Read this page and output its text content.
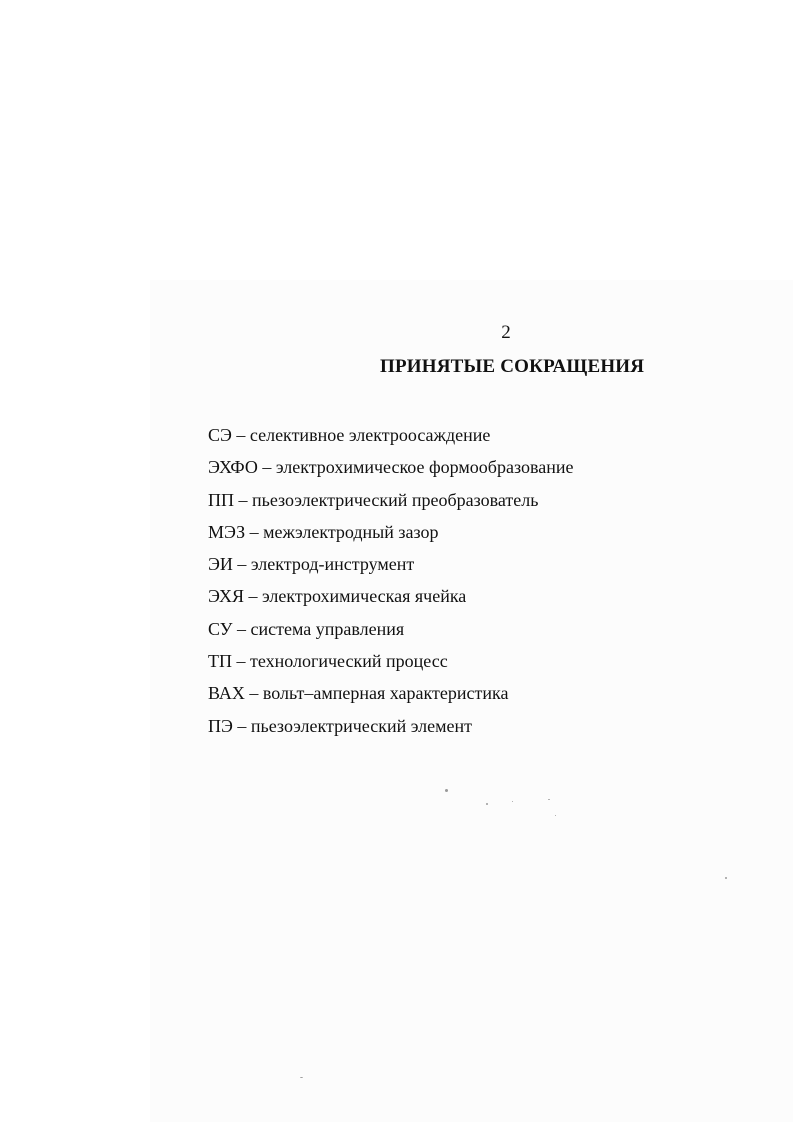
2
ПРИНЯТЫЕ СОКРАЩЕНИЯ
СЭ – селективное электроосаждение
ЭХФО – электрохимическое формообразование
ПП – пьезоэлектрический преобразователь
МЭЗ – межэлектродный зазор
ЭИ – электрод-инструмент
ЭХЯ – электрохимическая ячейка
СУ – система управления
ТП – технологический процесс
ВАХ – вольт–амперная характеристика
ПЭ – пьезоэлектрический элемент
